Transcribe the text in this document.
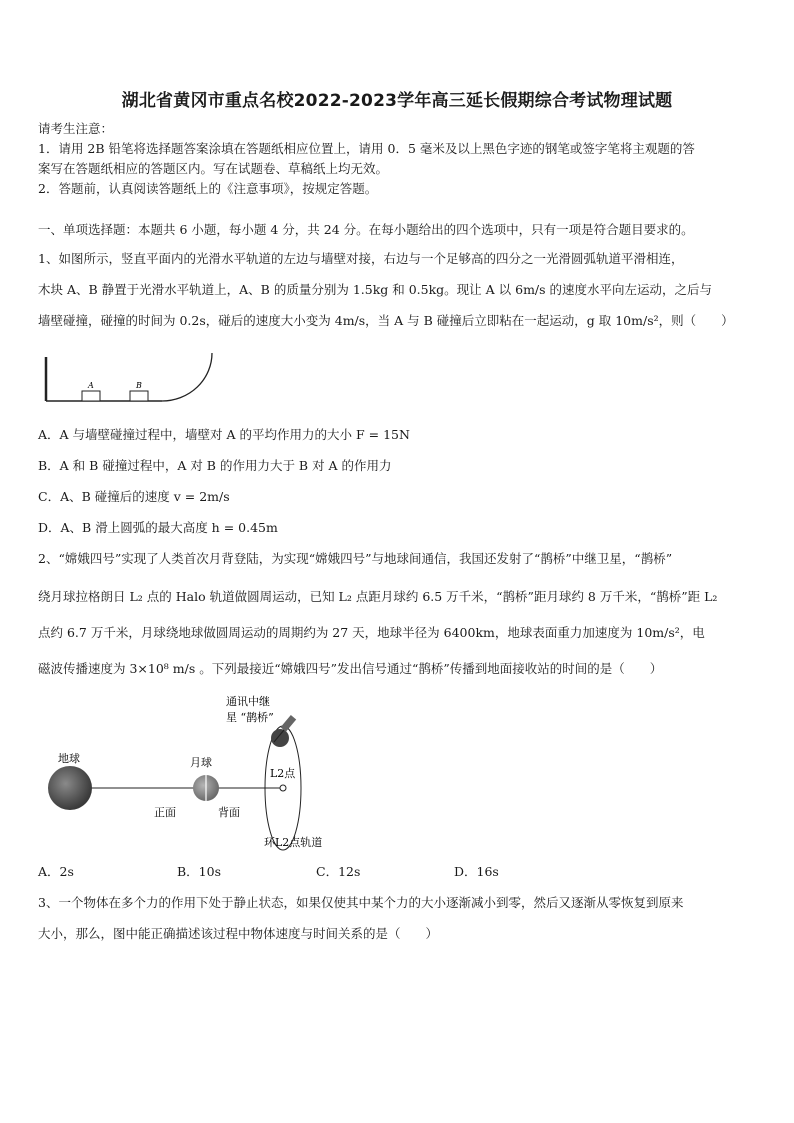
湖北省黄冈市重点名校2022-2023学年高三延长假期综合考试物理试题
请考生注意：
1．请用 2B 铅笔将选择题答案涂填在答题纸相应位置上，请用 0．5 毫米及以上黑色字迹的钢笔或签字笔将主观题的答
案写在答题纸相应的答题区内。写在试题卷、草稿纸上均无效。
2．答题前，认真阅读答题纸上的《注意事项》，按规定答题。
一、单项选择题：本题共 6 小题，每小题 4 分，共 24 分。在每小题给出的四个选项中，只有一项是符合题目要求的。
1、如图所示，竖直平面内的光滑水平轨道的左边与墙壁对接，右边与一个足够高的四分之一光滑圆弧轨道平滑相连，
木块 A、B 静置于光滑水平轨道上，A、B 的质量分别为 1.5kg 和 0.5kg。现让 A 以 6m/s 的速度水平向左运动，之后与
墙壁碰撞，碰撞的时间为 0.2s，碰后的速度大小变为 4m/s，当 A 与 B 碰撞后立即粘在一起运动，g 取 10m/s²，则（　　）
A	B
A．A 与墙壁碰撞过程中，墙壁对 A 的平均作用力的大小 F = 15N
B．A 和 B 碰撞过程中，A 对 B 的作用力大于 B 对 A 的作用力
C．A、B 碰撞后的速度 v = 2m/s
D．A、B 滑上圆弧的最大高度 h = 0.45m
2、“嫦娥四号”实现了人类首次月背登陆，为实现“嫦娥四号”与地球间通信，我国还发射了“鹊桥”中继卫星，“鹊桥”
绕月球拉格朗日 L₂ 点的 Halo 轨道做圆周运动，已知 L₂ 点距月球约 6.5 万千米，“鹊桥”距月球约 8 万千米，“鹊桥”距 L₂
点约 6.7 万千米，月球绕地球做圆周运动的周期约为 27 天，地球半径为 6400km，地球表面重力加速度为 10m/s²，电
磁波传播速度为 3×10⁸ m/s 。下列最接近“嫦娥四号”发出信号通过“鹊桥”传播到地面接收站的时间的是（　　）
通讯中继
星 “鹊桥”
地球	月球
L2点
正面	背面
环L2点轨道
A．2s	B．10s	C．12s	D．16s
3、一个物体在多个力的作用下处于静止状态，如果仅使其中某个力的大小逐渐减小到零，然后又逐渐从零恢复到原来
大小，那么，图中能正确描述该过程中物体速度与时间关系的是（　　）
